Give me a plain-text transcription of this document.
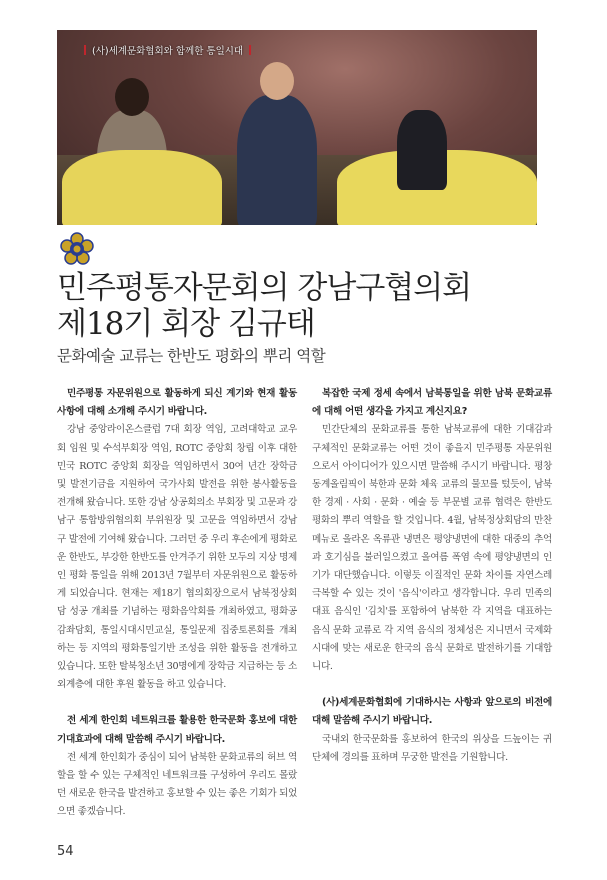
(사)세계문화협회와 함께한 통일시대
민주평통자문회의 강남구협의회
제18기 회장 김규태
문화예술 교류는 한반도 평화의 뿌리 역할

민주평통 자문위원으로 활동하게 되신 계기와 현재 활동사항에 대해 소개해 주시기 바랍니다.

강남 중앙라이온스클럽 7대 회장 역임, 고려대학교 교우회 임원 및 수석부회장 역임, ROTC 중앙회 창립 이후 대한민국 ROTC 중앙회 회장을 역임하면서 30여 년간 장학금 및 발전기금을 지원하여 국가사회 발전을 위한 봉사활동을 전개해 왔습니다. 또한 강남 상공회의소 부회장 및 고문과 강남구 통합방위협의회 부위원장 및 고문을 역임하면서 강남구 발전에 기여해 왔습니다. 그러던 중 우리 후손에게 평화로운 한반도, 부강한 한반도를 안겨주기 위한 모두의 지상 명제인 평화 통일을 위해 2013년 7월부터 자문위원으로 활동하게 되었습니다. 현재는 제18기 협의회장으로서 남북정상회담 성공 개최를 기념하는 평화음악회를 개최하였고, 평화공감좌담회, 통일시대시민교실, 통일문제 집중토론회를 개최하는 등 지역의 평화통일기반 조성을 위한 활동을 전개하고 있습니다. 또한 탈북청소년 30명에게 장학금 지급하는 등 소외계층에 대한 후원 활동을 하고 있습니다.

전 세계 한인회 네트워크를 활용한 한국문화 홍보에 대한 기대효과에 대해 말씀해 주시기 바랍니다.

전 세계 한인회가 중심이 되어 남북한 문화교류의 허브 역할을 할 수 있는 구체적인 네트워크를 구성하여 우리도 몰랐던 새로운 한국을 발견하고 홍보할 수 있는 좋은 기회가 되었으면 좋겠습니다.

복잡한 국제 정세 속에서 남북통일을 위한 남북 문화교류에 대해 어떤 생각을 가지고 계신지요?

민간단체의 문화교류를 통한 남북교류에 대한 기대감과 구체적인 문화교류는 어떤 것이 좋을지 민주평통 자문위원으로서 아이디어가 있으시면 말씀해 주시기 바랍니다. 평창동계올림픽이 북한과 문화 체육 교류의 물꼬를 텄듯이, 남북한 경제 · 사회 · 문화 · 예술 등 부문별 교류 협력은 한반도 평화의 뿌리 역할을 할 것입니다. 4월, 남북정상회담의 만찬 메뉴로 올라온 옥류관 냉면은 평양냉면에 대한 대중의 추억과 호기심을 불러일으켰고 올여름 폭염 속에 평양냉면의 인기가 대단했습니다. 이렇듯 이질적인 문화 차이를 자연스레 극복할 수 있는 것이 '음식'이라고 생각합니다. 우리 민족의 대표 음식인 '김치'를 포함하여 남북한 각 지역을 대표하는 음식 문화 교류로 각 지역 음식의 정체성은 지니면서 국제화 시대에 맞는 새로운 한국의 음식 문화로 발전하기를 기대합니다.

(사)세계문화협회에 기대하시는 사항과 앞으로의 비전에 대해 말씀해 주시기 바랍니다.

국내외 한국문화를 홍보하여 한국의 위상을 드높이는 귀 단체에 경의를 표하며 무궁한 발전을 기원합니다.

54
